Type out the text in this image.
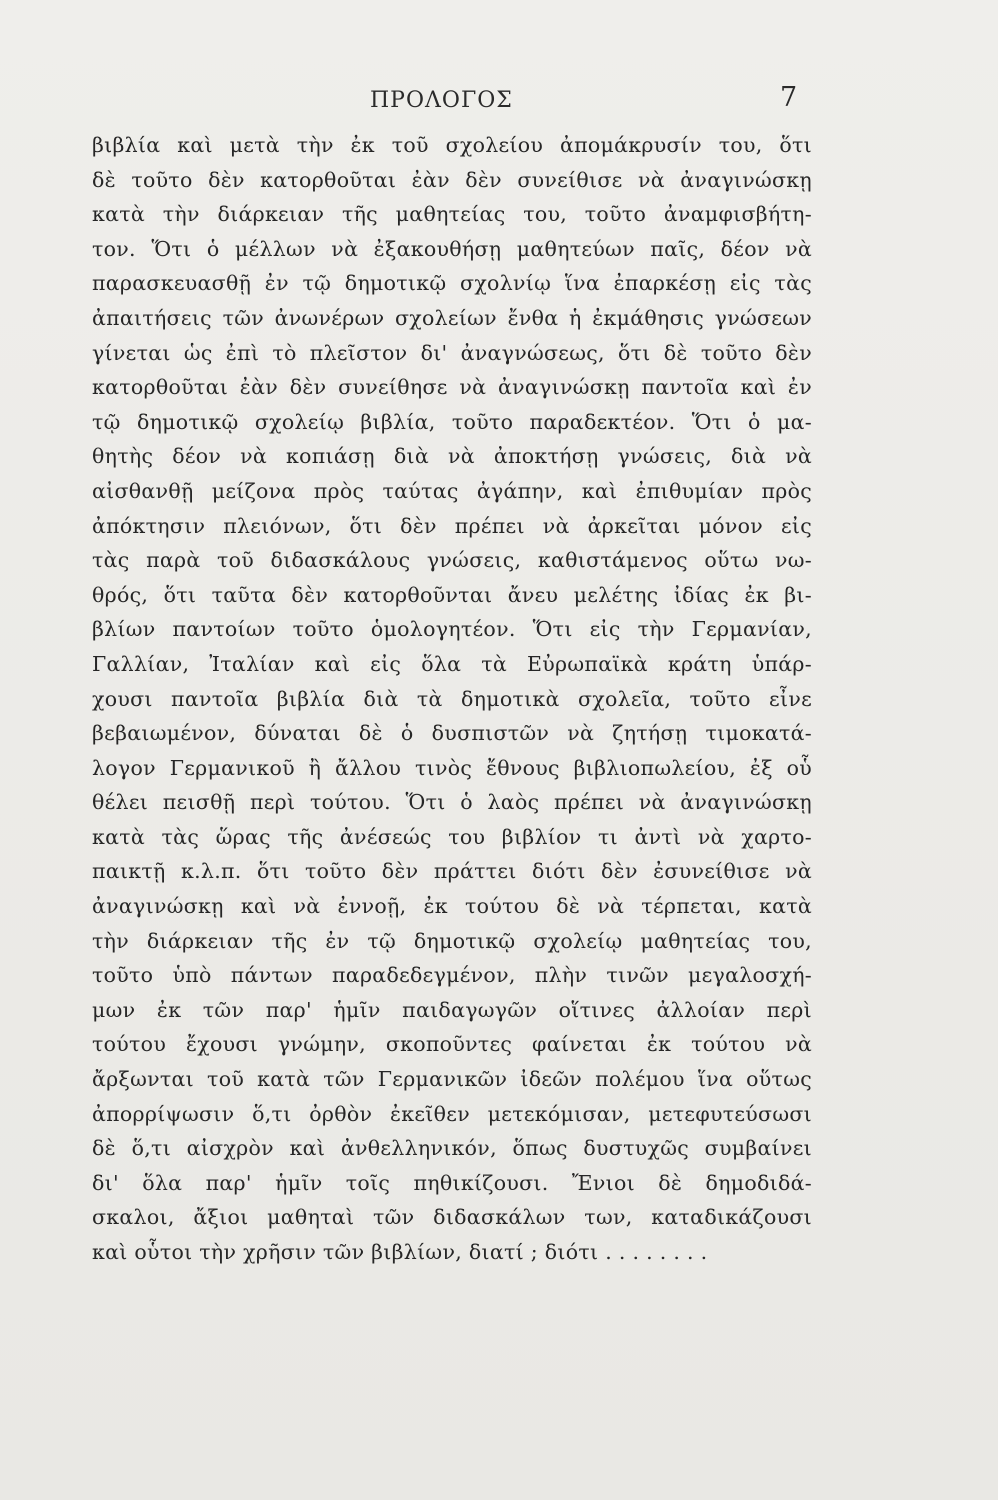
ΠΡΟΛΟΓΟΣ	7
βιβλία καὶ μετὰ τὴν ἐκ τοῦ σχολείου ἀπομάκρυσίν του, ὅτι
δὲ τοῦτο δὲν κατορθοῦται ἐὰν δὲν συνείθισε νὰ ἀναγινώσκῃ
κατὰ τὴν διάρκειαν τῆς μαθητείας του, τοῦτο ἀναμφισβήτη-
τον. Ὅτι ὁ μέλλων νὰ ἐξακουθήσῃ μαθητεύων παῖς, δέον νὰ
παρασκευασθῇ ἐν τῷ δημοτικῷ σχολνίῳ ἵνα ἐπαρκέσῃ εἰς τὰς
ἀπαιτήσεις τῶν ἀνωνέρων σχολείων ἔνθα ἡ ἐκμάθησις γνώσεων
γίνεται ὡς ἐπὶ τὸ πλεῖστον δι' ἀναγνώσεως, ὅτι δὲ τοῦτο δὲν
κατορθοῦται ἐὰν δὲν συνείθησε νὰ ἀναγινώσκῃ παντοῖα καὶ ἐν
τῷ δημοτικῷ σχολείῳ βιβλία, τοῦτο παραδεκτέον. Ὅτι ὁ μα-
θητὴς δέον νὰ κοπιάσῃ διὰ νὰ ἀποκτήσῃ γνώσεις, διὰ νὰ
αἰσθανθῇ μείζονα πρὸς ταύτας ἀγάπην, καὶ ἐπιθυμίαν πρὸς
ἀπόκτησιν πλειόνων, ὅτι δὲν πρέπει νὰ ἀρκεῖται μόνον εἰς
τὰς παρὰ τοῦ διδασκάλους γνώσεις, καθιστάμενος οὕτω νω-
θρός, ὅτι ταῦτα δὲν κατορθοῦνται ἄνευ μελέτης ἰδίας ἐκ βι-
βλίων παντοίων τοῦτο ὁμολογητέον. Ὅτι εἰς τὴν Γερμανίαν,
Γαλλίαν, Ἰταλίαν καὶ εἰς ὅλα τὰ Εὐρωπαϊκὰ κράτη ὑπάρ-
χουσι παντοῖα βιβλία διὰ τὰ δημοτικὰ σχολεῖα, τοῦτο εἶνε
βεβαιωμένον, δύναται δὲ ὁ δυσπιστῶν νὰ ζητήσῃ τιμοκατά-
λογον Γερμανικοῦ ἢ ἄλλου τινὸς ἔθνους βιβλιοπωλείου, ἐξ οὗ
θέλει πεισθῇ περὶ τούτου. Ὅτι ὁ λαὸς πρέπει νὰ ἀναγινώσκῃ
κατὰ τὰς ὥρας τῆς ἀνέσεώς του βιβλίον τι ἀντὶ νὰ χαρτο-
παικτῇ κ.λ.π. ὅτι τοῦτο δὲν πράττει διότι δὲν ἐσυνείθισε νὰ
ἀναγινώσκῃ καὶ νὰ ἐννοῇ, ἐκ τούτου δὲ νὰ τέρπεται, κατὰ
τὴν διάρκειαν τῆς ἐν τῷ δημοτικῷ σχολείῳ μαθητείας του,
τοῦτο ὑπὸ πάντων παραδεδεγμένον, πλὴν τινῶν μεγαλοσχή-
μων ἐκ τῶν παρ' ἡμῖν παιδαγωγῶν οἵτινες ἀλλοίαν περὶ
τούτου ἔχουσι γνώμην, σκοποῦντες φαίνεται ἐκ τούτου νὰ
ἄρξωνται τοῦ κατὰ τῶν Γερμανικῶν ἰδεῶν πολέμου ἵνα οὕτως
ἀπορρίψωσιν ὅ,τι ὀρθὸν ἐκεῖθεν μετεκόμισαν, μετεφυτεύσωσι
δὲ ὅ,τι αἰσχρὸν καὶ ἀνθελληνικόν, ὅπως δυστυχῶς συμβαίνει
δι' ὅλα παρ' ἡμῖν τοῖς πηθικίζουσι. Ἔνιοι δὲ δημοδιδά-
σκαλοι, ἄξιοι μαθηταὶ τῶν διδασκάλων των, καταδικάζουσι
καὶ οὗτοι τὴν χρῆσιν τῶν βιβλίων, διατί ; διότι . . . . . . . .
